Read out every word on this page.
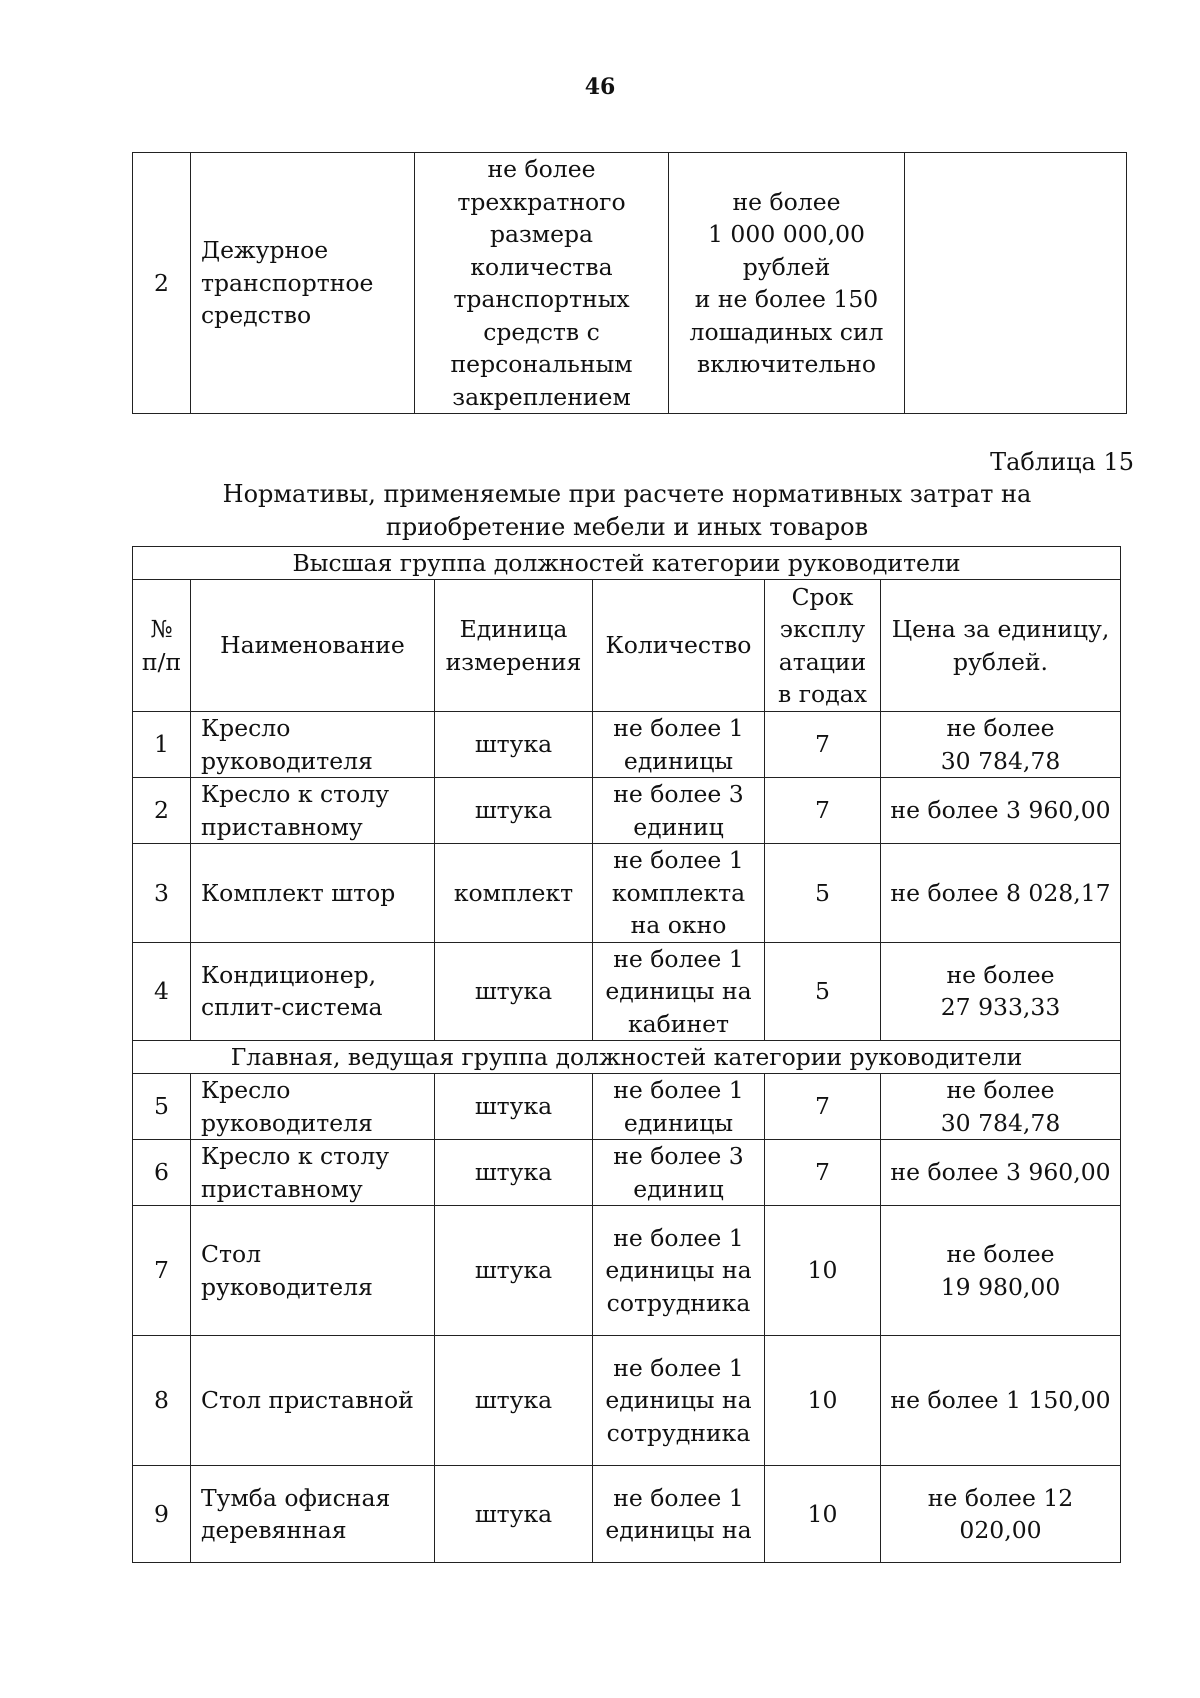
46
2	Дежурное транспортное средство	не более трехкратного размера количества транспортных средств с персональным закреплением	не более
1 000 000,00 рублей
и не более 150 лошадиных сил включительно	
Таблица 15
Нормативы, применяемые при расчете нормативных затрат на приобретение мебели и иных товаров
Высшая группа должностей категории руководители					
№ п/п	Наименование	Единица измерения	Количество	Срок эксплу атации в годах	Цена за единицу, рублей.
1	Кресло руководителя	штука	не более 1 единицы	7	не более
30 784,78
2	Кресло к столу приставному	штука	не более 3 единиц	7	не более 3 960,00
3	Комплект штор	комплект	не более 1 комплекта на окно	5	не более 8 028,17
4	Кондиционер, сплит-система	штука	не более 1 единицы на кабинет	5	не более
27 933,33
Главная, ведущая группа должностей категории руководители					
5	Кресло руководителя	штука	не более 1 единицы	7	не более
30 784,78
6	Кресло к столу приставному	штука	не более 3 единиц	7	не более 3 960,00
7	Стол руководителя	штука	не более 1 единицы на сотрудника	10	не более
19 980,00
8	Стол приставной	штука	не более 1 единицы на сотрудника	10	не более 1 150,00
9	Тумба офисная деревянная	штука	не более 1 единицы на	10	не более 12 020,00
